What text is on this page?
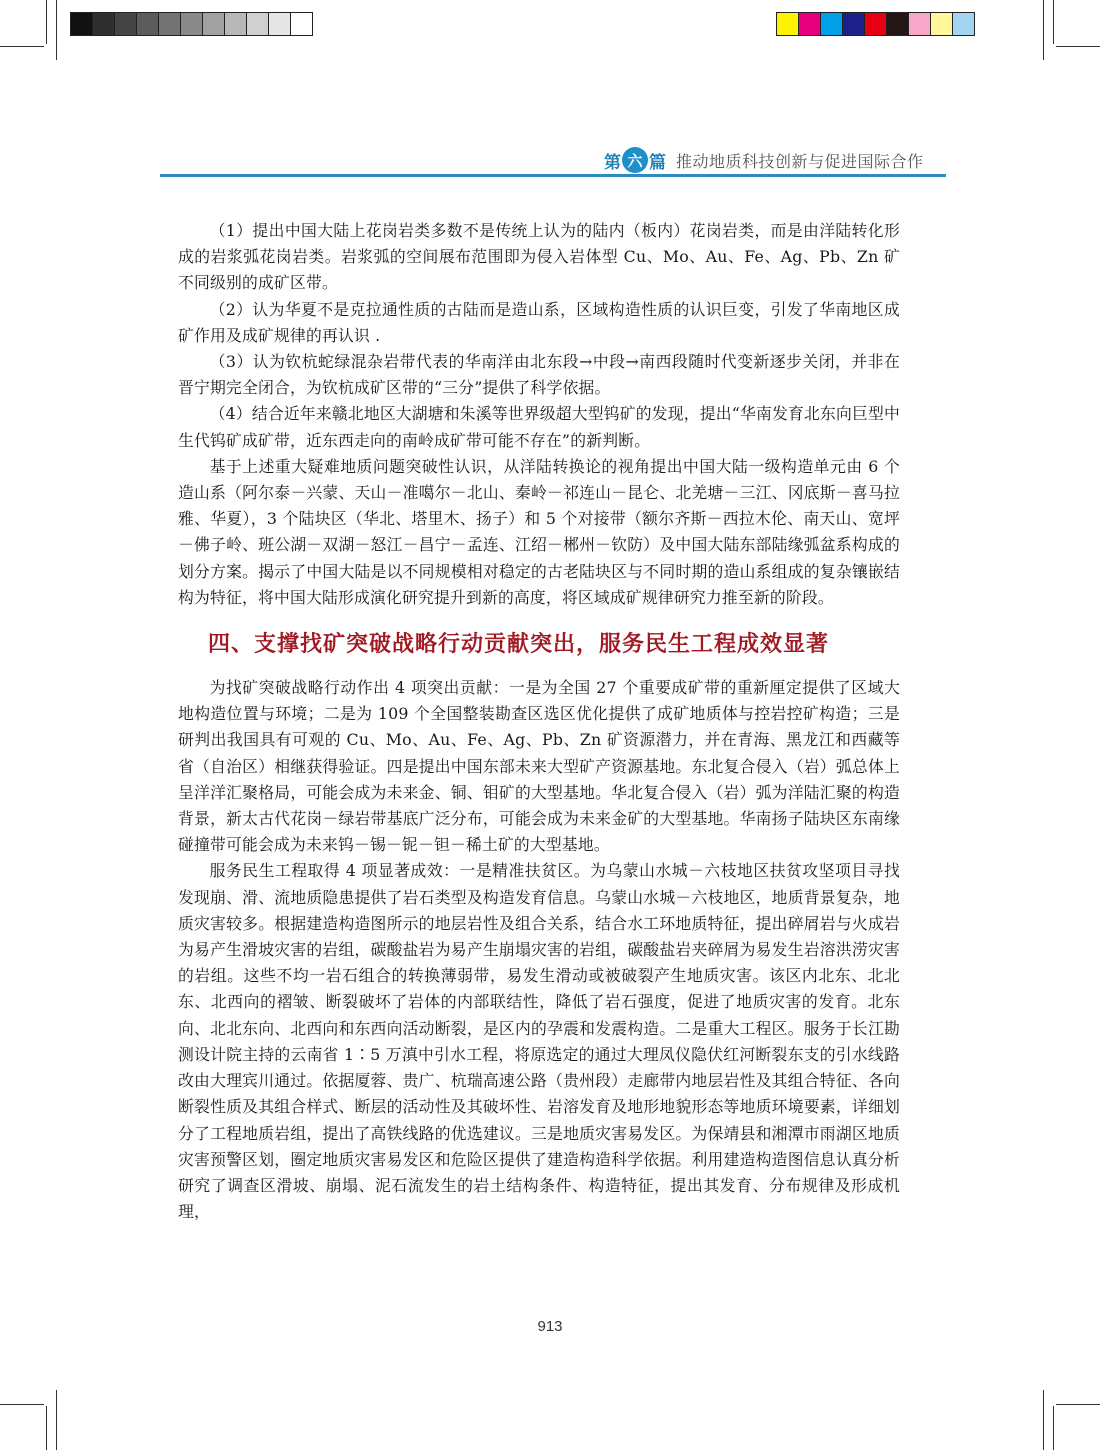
第 六 篇 推动地质科技创新与促进国际合作

（1）提出中国大陆上花岗岩类多数不是传统上认为的陆内（板内）花岗岩类，而是由洋陆转化形成的岩浆弧花岗岩类。岩浆弧的空间展布范围即为侵入岩体型 Cu、Mo、Au、Fe、Ag、Pb、Zn 矿不同级别的成矿区带。

（2）认为华夏不是克拉通性质的古陆而是造山系，区域构造性质的认识巨变，引发了华南地区成矿作用及成矿规律的再认识 .

（3）认为钦杭蛇绿混杂岩带代表的华南洋由北东段→中段→南西段随时代变新逐步关闭，并非在晋宁期完全闭合，为钦杭成矿区带的“三分”提供了科学依据。

（4）结合近年来赣北地区大湖塘和朱溪等世界级超大型钨矿的发现，提出“华南发育北东向巨型中生代钨矿成矿带，近东西走向的南岭成矿带可能不存在”的新判断。

基于上述重大疑难地质问题突破性认识，从洋陆转换论的视角提出中国大陆一级构造单元由 6 个造山系（阿尔泰－兴蒙、天山－准噶尔－北山、秦岭－祁连山－昆仑、北羌塘－三江、冈底斯－喜马拉雅、华夏），3 个陆块区（华北、塔里木、扬子）和 5 个对接带（额尔齐斯－西拉木伦、南天山、宽坪－佛子岭、班公湖－双湖－怒江－昌宁－孟连、江绍－郴州－钦防）及中国大陆东部陆缘弧盆系构成的划分方案。揭示了中国大陆是以不同规模相对稳定的古老陆块区与不同时期的造山系组成的复杂镶嵌结构为特征，将中国大陆形成演化研究提升到新的高度，将区域成矿规律研究力推至新的阶段。

四、支撑找矿突破战略行动贡献突出，服务民生工程成效显著

为找矿突破战略行动作出 4 项突出贡献：一是为全国 27 个重要成矿带的重新厘定提供了区域大地构造位置与环境；二是为 109 个全国整装勘查区选区优化提供了成矿地质体与控岩控矿构造；三是研判出我国具有可观的 Cu、Mo、Au、Fe、Ag、Pb、Zn 矿资源潜力，并在青海、黑龙江和西藏等省（自治区）相继获得验证。四是提出中国东部未来大型矿产资源基地。东北复合侵入（岩）弧总体上呈洋洋汇聚格局，可能会成为未来金、铜、钼矿的大型基地。华北复合侵入（岩）弧为洋陆汇聚的构造背景，新太古代花岗－绿岩带基底广泛分布，可能会成为未来金矿的大型基地。华南扬子陆块区东南缘碰撞带可能会成为未来钨－锡－铌－钽－稀土矿的大型基地。

服务民生工程取得 4 项显著成效：一是精准扶贫区。为乌蒙山水城－六枝地区扶贫攻坚项目寻找发现崩、滑、流地质隐患提供了岩石类型及构造发育信息。乌蒙山水城－六枝地区，地质背景复杂，地质灾害较多。根据建造构造图所示的地层岩性及组合关系，结合水工环地质特征，提出碎屑岩与火成岩为易产生滑坡灾害的岩组，碳酸盐岩为易产生崩塌灾害的岩组，碳酸盐岩夹碎屑为易发生岩溶洪涝灾害的岩组。这些不均一岩石组合的转换薄弱带，易发生滑动或被破裂产生地质灾害。该区内北东、北北东、北西向的褶皱、断裂破坏了岩体的内部联结性，降低了岩石强度，促进了地质灾害的发育。北东向、北北东向、北西向和东西向活动断裂，是区内的孕震和发震构造。二是重大工程区。服务于长江勘测设计院主持的云南省 1∶5 万滇中引水工程，将原选定的通过大理凤仪隐伏红河断裂东支的引水线路改由大理宾川通过。依据厦蓉、贵广、杭瑞高速公路（贵州段）走廊带内地层岩性及其组合特征、各向断裂性质及其组合样式、断层的活动性及其破坏性、岩溶发育及地形地貌形态等地质环境要素，详细划分了工程地质岩组，提出了高铁线路的优选建议。三是地质灾害易发区。为保靖县和湘潭市雨湖区地质灾害预警区划，圈定地质灾害易发区和危险区提供了建造构造科学依据。利用建造构造图信息认真分析研究了调查区滑坡、崩塌、泥石流发生的岩土结构条件、构造特征，提出其发育、分布规律及形成机理，

913
